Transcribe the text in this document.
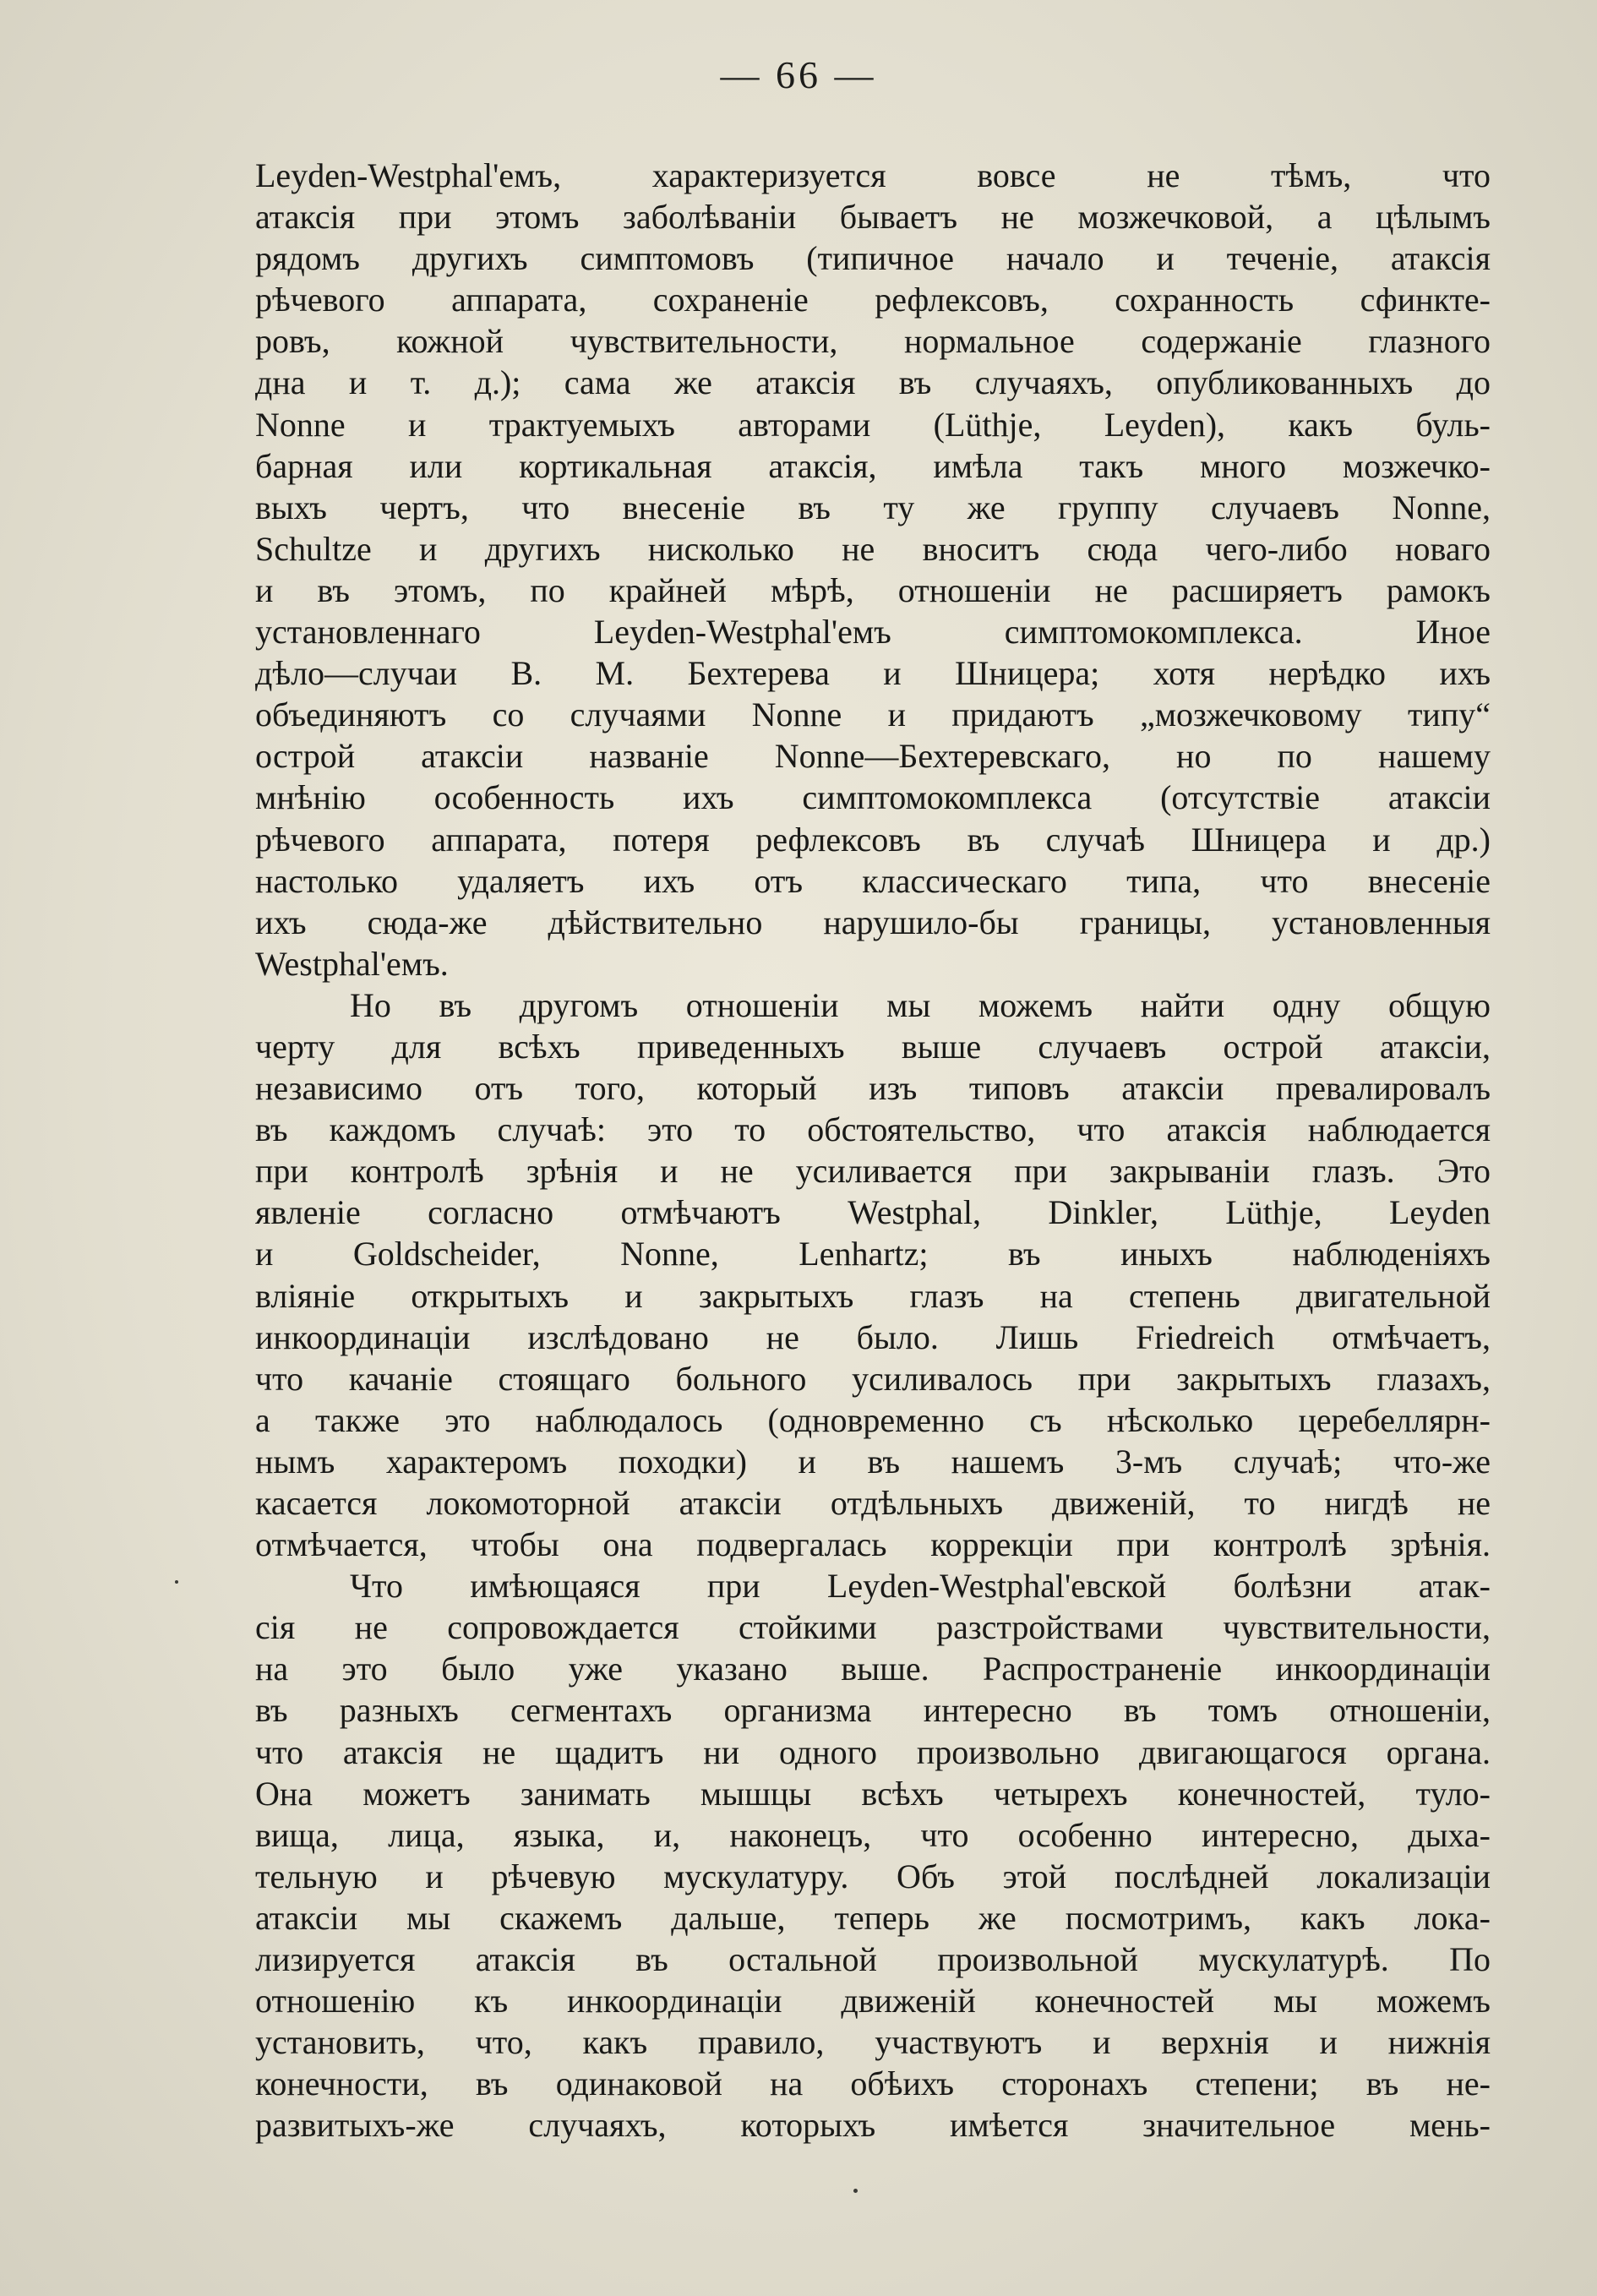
— 66 —
Leyden-Westphal'емъ, характеризуется вовсе не тѣмъ, что
атаксія при этомъ заболѣваніи бываетъ не мозжечковой, а цѣлымъ
рядомъ другихъ симптомовъ (типичное начало и теченіе, атаксія
рѣчевого аппарата, сохраненіе рефлексовъ, сохранность сфинкте-
ровъ, кожной чувствительности, нормальное содержаніе глазного
дна и т. д.); сама же атаксія въ случаяхъ, опубликованныхъ до
Nonne и трактуемыхъ авторами (Lüthje, Leyden), какъ буль-
барная или кортикальная атаксія, имѣла такъ много мозжечко-
выхъ чертъ, что внесеніе въ ту же группу случаевъ Nonne,
Schultze и другихъ нисколько не вноситъ сюда чего-либо новаго
и въ этомъ, по крайней мѣрѣ, отношеніи не расширяетъ рамокъ
установленнаго Leyden-Westphal'емъ симптомокомплекса. Иное
дѣло—случаи В. М. Бехтерева и Шницера; хотя нерѣдко ихъ
объединяютъ со случаями Nonne и придаютъ „мозжечковому типу“
острой атаксіи названіе Nonne—Бехтеревскаго, но по нашему
мнѣнію особенность ихъ симптомокомплекса (отсутствіе атаксіи
рѣчевого аппарата, потеря рефлексовъ въ случаѣ Шницера и др.)
настолько удаляетъ ихъ отъ классическаго типа, что внесеніе
ихъ сюда-же дѣйствительно нарушило-бы границы, установленныя
Westphal'емъ.
Но въ другомъ отношеніи мы можемъ найти одну общую
черту для всѣхъ приведенныхъ выше случаевъ острой атаксіи,
независимо отъ того, который изъ типовъ атаксіи превалировалъ
въ каждомъ случаѣ: это то обстоятельство, что атаксія наблюдается
при контролѣ зрѣнія и не усиливается при закрываніи глазъ. Это
явленіе согласно отмѣчаютъ Westphal, Dinkler, Lüthje, Leyden
и Goldscheider, Nonne, Lenhartz; въ иныхъ наблюденіяхъ
вліяніе открытыхъ и закрытыхъ глазъ на степень двигательной
инкоординаціи изслѣдовано не было. Лишь Friedreich отмѣчаетъ,
что качаніе стоящаго больного усиливалось при закрытыхъ глазахъ,
а также это наблюдалось (одновременно съ нѣсколько церебеллярн-
нымъ характеромъ походки) и въ нашемъ 3-мъ случаѣ; что-же
касается локомоторной атаксіи отдѣльныхъ движеній, то нигдѣ не
отмѣчается, чтобы она подвергалась коррекціи при контролѣ зрѣнія.
Что имѣющаяся при Leyden-Westphal'евской болѣзни атак-
сія не сопровождается стойкими разстройствами чувствительности,
на это было уже указано выше. Распространеніе инкоординаціи
въ разныхъ сегментахъ организма интересно въ томъ отношеніи,
что атаксія не щадитъ ни одного произвольно двигающагося органа.
Она можетъ занимать мышцы всѣхъ четырехъ конечностей, туло-
вища, лица, языка, и, наконецъ, что особенно интересно, дыха-
тельную и рѣчевую мускулатуру. Объ этой послѣдней локализаціи
атаксіи мы скажемъ дальше, теперь же посмотримъ, какъ локa-
лизируется атаксія въ остальной произвольной мускулатурѣ. По
отношенію къ инкоординаціи движеній конечностей мы можемъ
установить, что, какъ правило, участвуютъ и верхнія и нижнія
конечности, въ одинаковой на обѣихъ сторонахъ степени; въ не-
развитыхъ-же случаяхъ, которыхъ имѣется значительное мень-
